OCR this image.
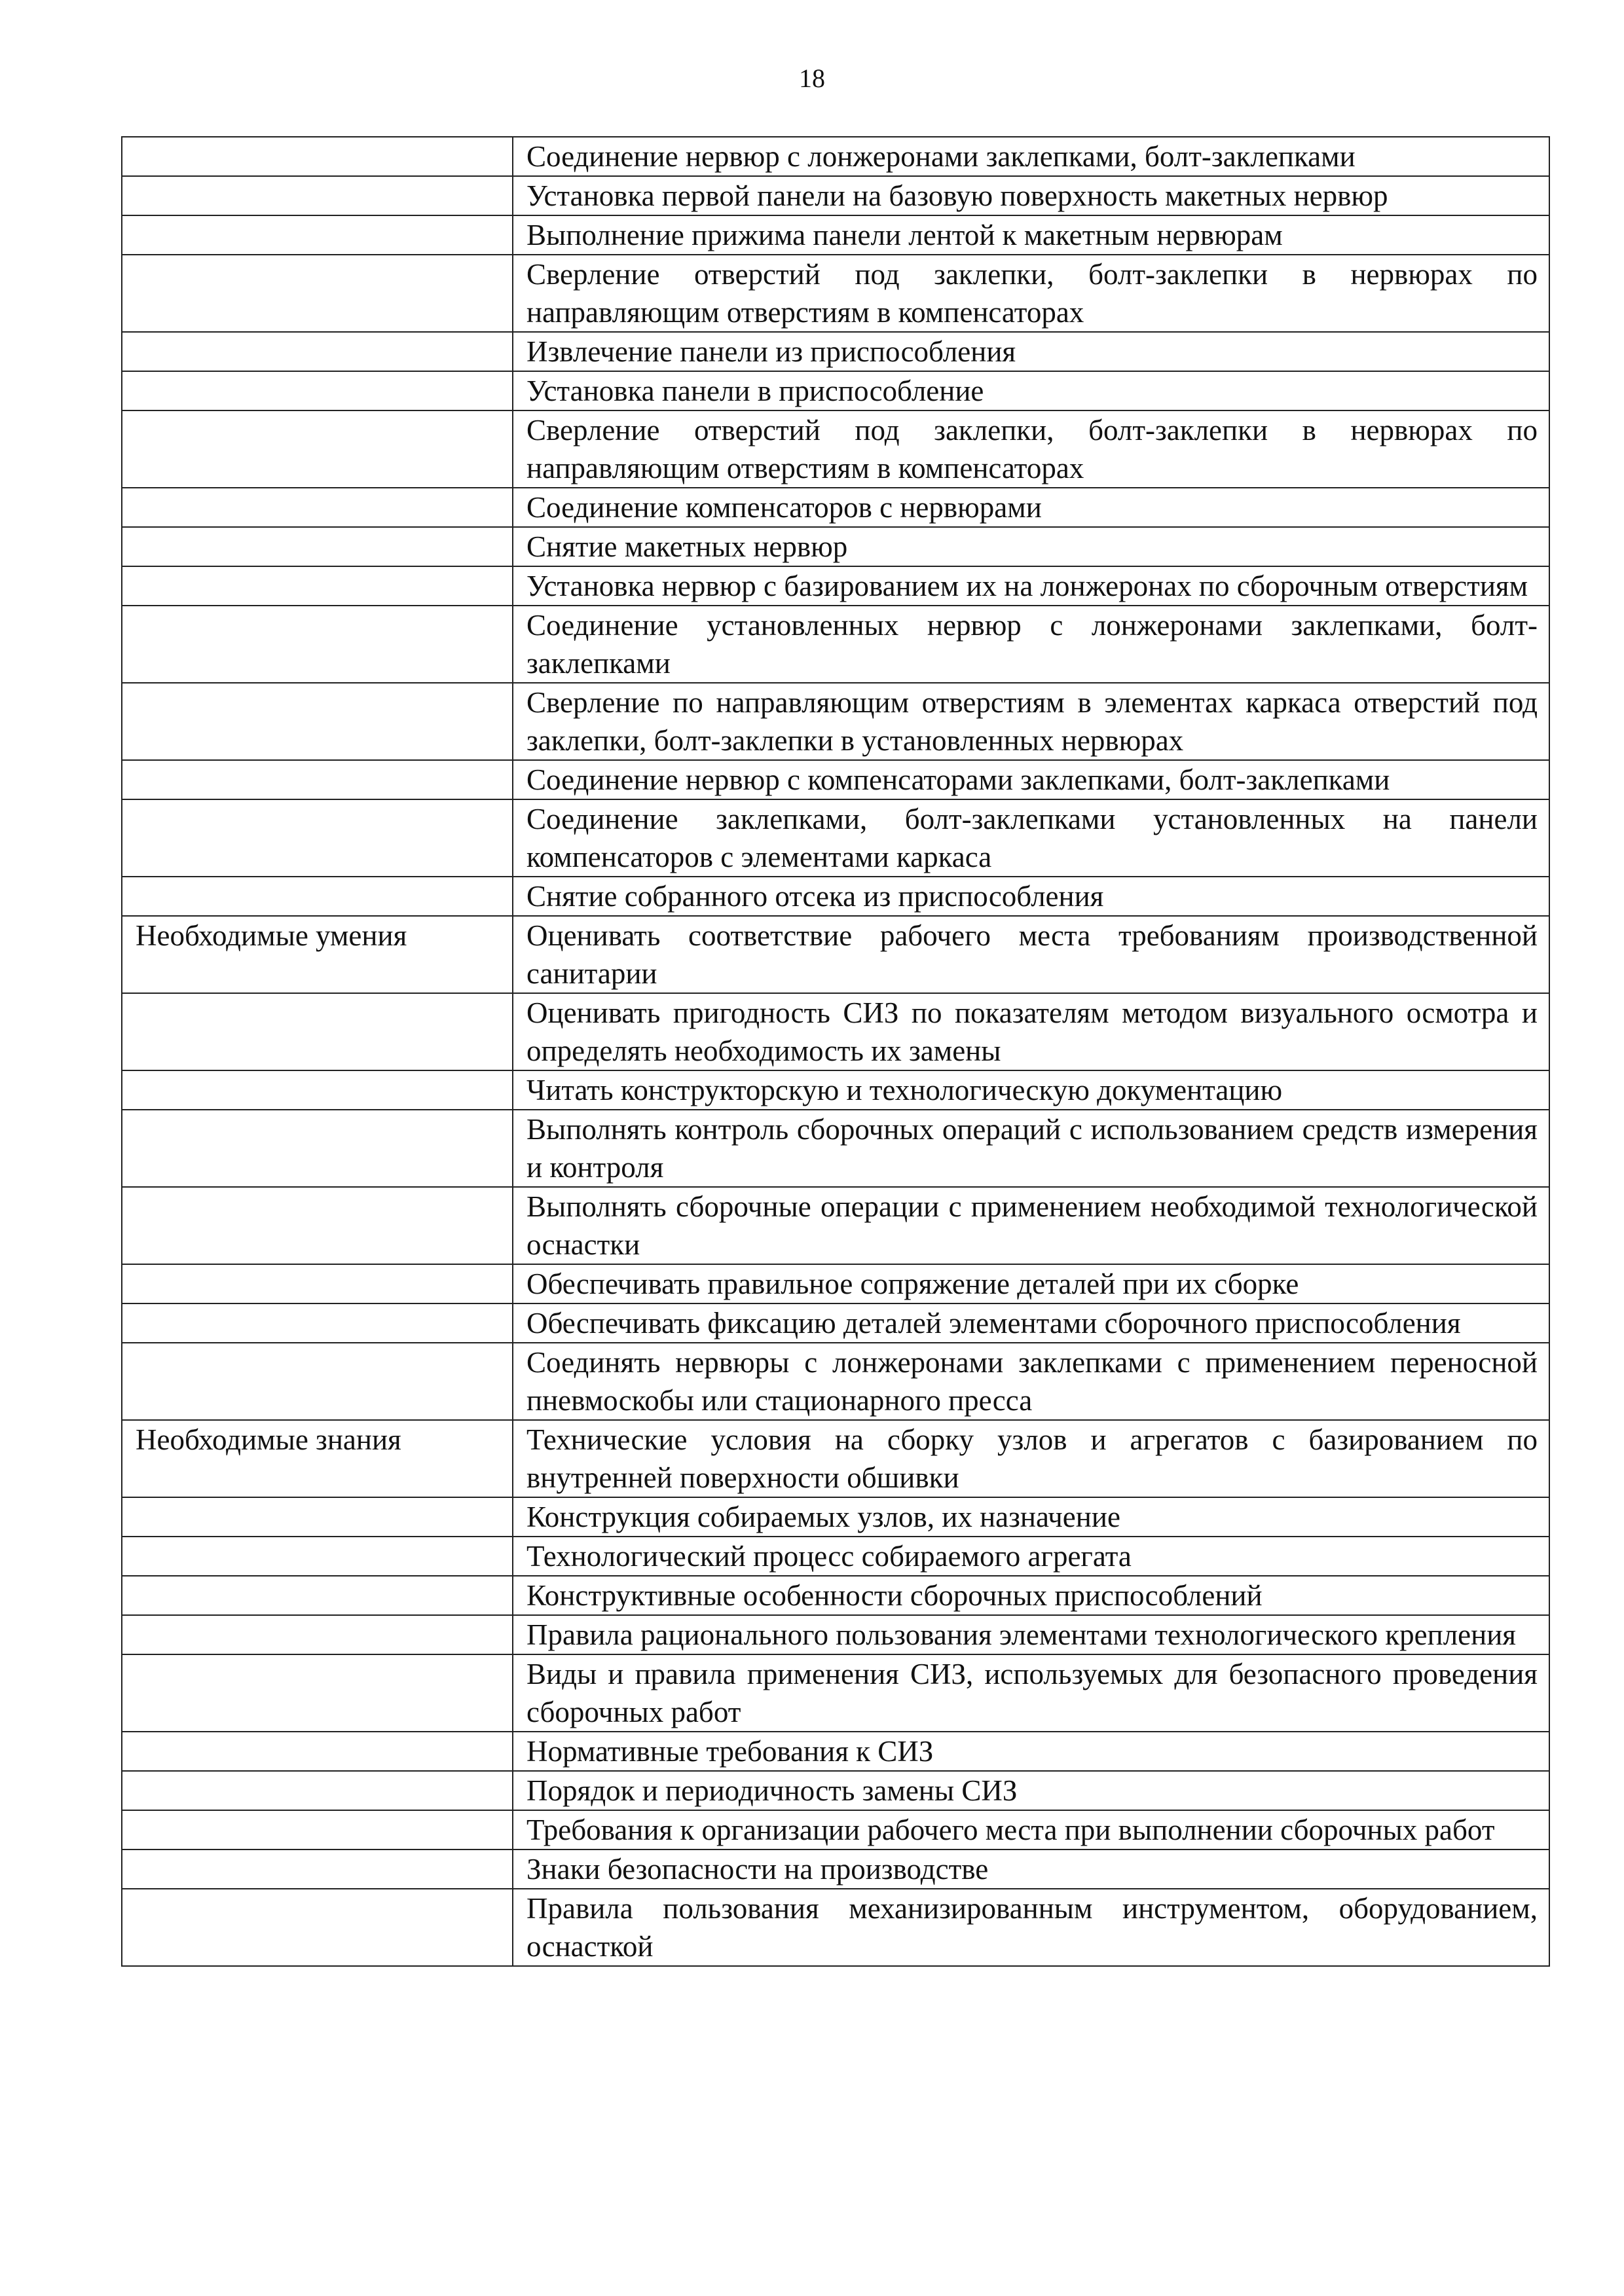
18
	Соединение нервюр с лонжеронами заклепками, болт-заклепками
	Установка первой панели на базовую поверхность макетных нервюр
	Выполнение прижима панели лентой к макетным нервюрам
	Сверление отверстий под заклепки, болт-заклепки в нервюрах по направляющим отверстиям в компенсаторах
	Извлечение панели из приспособления
	Установка панели в приспособление
	Сверление отверстий под заклепки, болт-заклепки в нервюрах по направляющим отверстиям в компенсаторах
	Соединение компенсаторов с нервюрами
	Снятие макетных нервюр
	Установка нервюр с базированием их на лонжеронах по сборочным отверстиям
	Соединение установленных нервюр с лонжеронами заклепками, болт-заклепками
	Сверление по направляющим отверстиям в элементах каркаса отверстий под заклепки, болт-заклепки в установленных нервюрах
	Соединение нервюр с компенсаторами заклепками, болт-заклепками
	Соединение заклепками, болт-заклепками установленных на панели компенсаторов с элементами каркаса
	Снятие собранного отсека из приспособления
Необходимые умения	Оценивать соответствие рабочего места требованиям производственной санитарии
	Оценивать пригодность СИЗ по показателям методом визуального осмотра и определять необходимость их замены
	Читать конструкторскую и технологическую документацию
	Выполнять контроль сборочных операций с использованием средств измерения и контроля
	Выполнять сборочные операции с применением необходимой технологической оснастки
	Обеспечивать правильное сопряжение деталей при их сборке
	Обеспечивать фиксацию деталей элементами сборочного приспособления
	Соединять нервюры с лонжеронами заклепками с применением переносной пневмоскобы или стационарного пресса
Необходимые знания	Технические условия на сборку узлов и агрегатов с базированием по внутренней поверхности обшивки
	Конструкция собираемых узлов, их назначение
	Технологический процесс собираемого агрегата
	Конструктивные особенности сборочных приспособлений
	Правила рационального пользования элементами технологического крепления
	Виды и правила применения СИЗ, используемых для безопасного проведения сборочных работ
	Нормативные требования к СИЗ
	Порядок и периодичность замены СИЗ
	Требования к организации рабочего места при выполнении сборочных работ
	Знаки безопасности на производстве
	Правила пользования механизированным инструментом, оборудованием, оснасткой
